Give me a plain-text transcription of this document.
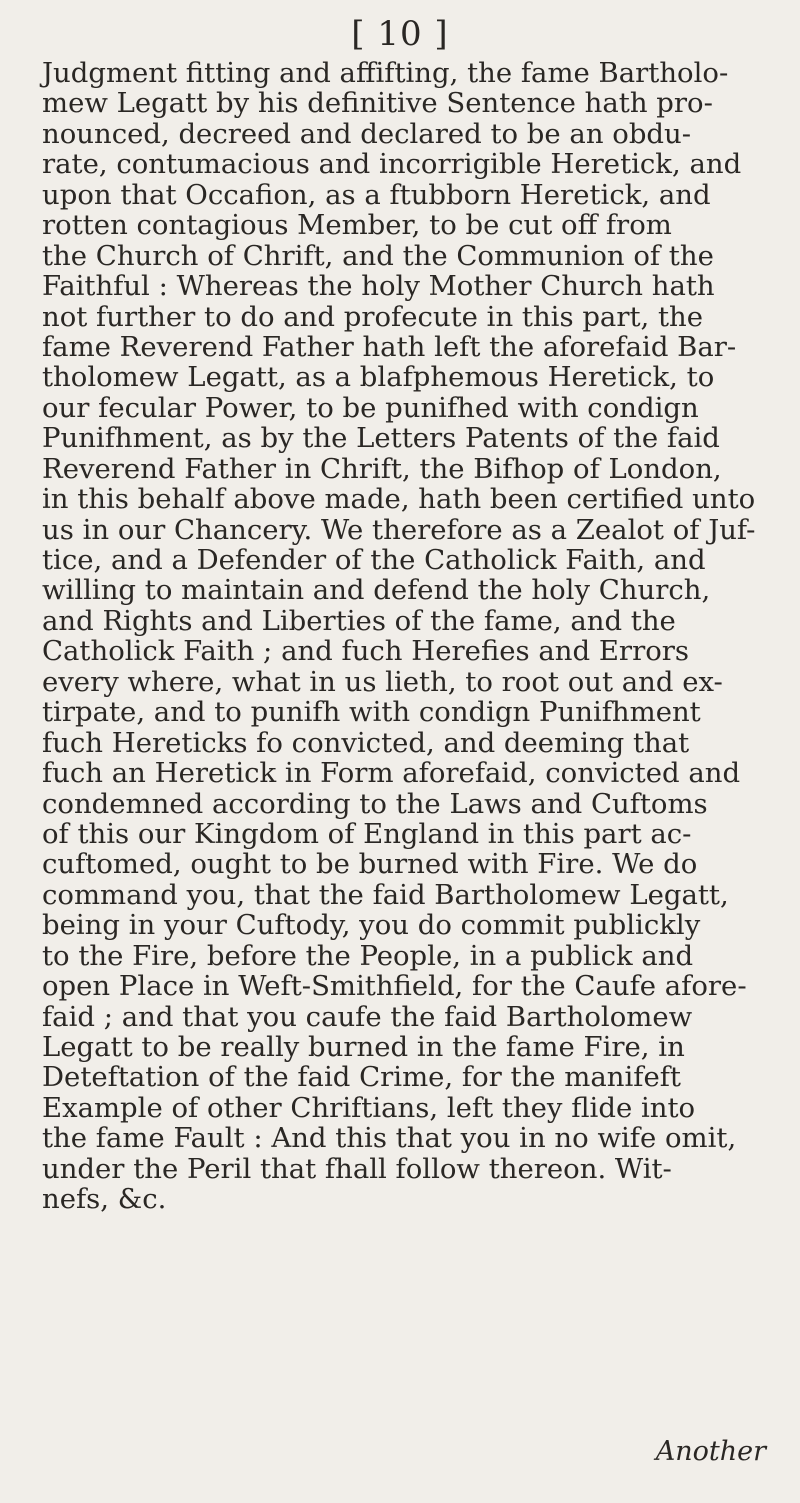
[ 10 ]
Judgment fitting and affifting, the fame Bartholo-
mew Legatt by his definitive Sentence hath pro-
nounced, decreed and declared to be an obdu-
rate, contumacious and incorrigible Heretick, and
upon that Occafion, as a ftubborn Heretick, and
rotten contagious Member, to be cut off from
the Church of Chrift, and the Communion of the
Faithful : Whereas the holy Mother Church hath
not further to do and profecute in this part, the
fame Reverend Father hath left the aforefaid Bar-
tholomew Legatt, as a blafphemous Heretick, to
our fecular Power, to be punifhed with condign
Punifhment, as by the Letters Patents of the faid
Reverend Father in Chrift, the Bifhop of London,
in this behalf above made, hath been certified unto
us in our Chancery. We therefore as a Zealot of Juf-
tice, and a Defender of the Catholick Faith, and
willing to maintain and defend the holy Church,
and Rights and Liberties of the fame, and the
Catholick Faith ; and fuch Herefies and Errors
every where, what in us lieth, to root out and ex-
tirpate, and to punifh with condign Punifhment
fuch Hereticks fo convicted, and deeming that
fuch an Heretick in Form aforefaid, convicted and
condemned according to the Laws and Cuftoms
of this our Kingdom of England in this part ac-
cuftomed, ought to be burned with Fire. We do
command you, that the faid Bartholomew Legatt,
being in your Cuftody, you do commit publickly
to the Fire, before the People, in a publick and
open Place in Weft-Smithfield, for the Caufe afore-
faid ; and that you caufe the faid Bartholomew
Legatt to be really burned in the fame Fire, in
Deteftation of the faid Crime, for the manifeft
Example of other Chriftians, left they flide into
the fame Fault : And this that you in no wife omit,
under the Peril that fhall follow thereon. Wit-
nefs, &c.
Another
